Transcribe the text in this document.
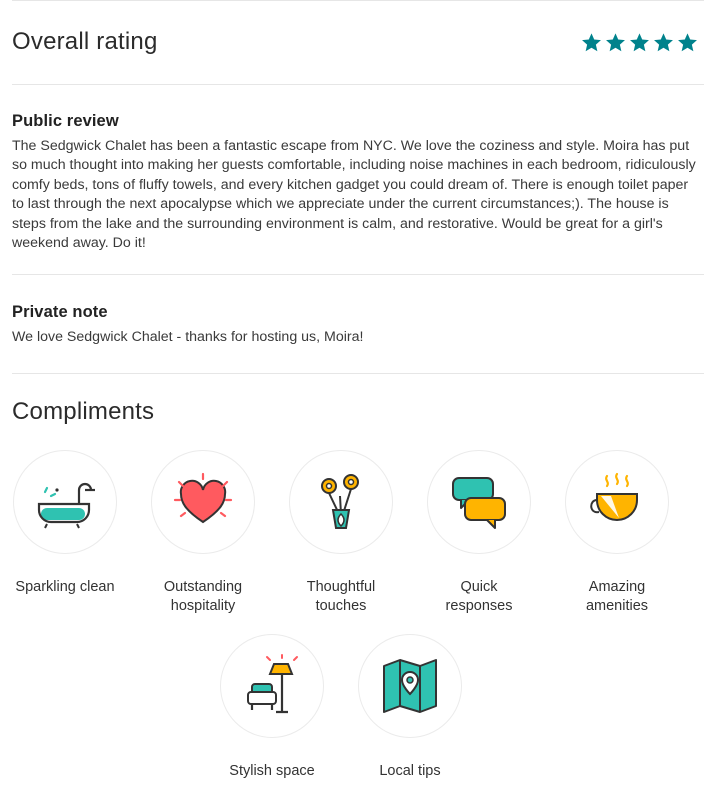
Overall rating
Public review
The Sedgwick Chalet has been a fantastic escape from NYC. We love the coziness and style. Moira has put so much thought into making her guests comfortable, including noise machines in each bedroom, ridiculously comfy beds, tons of fluffy towels, and every kitchen gadget you could dream of. There is enough toilet paper to last through the next apocalypse which we appreciate under the current circumstances;). The house is steps from the lake and the surrounding environment is calm, and restorative. Would be great for a girl's weekend away. Do it!
Private note
We love Sedgwick Chalet - thanks for hosting us, Moira!
Compliments
Sparkling clean	Outstanding
hospitality
Thoughtful
touches
Quick
responses
Amazing
amenities
Stylish space	Local tips
